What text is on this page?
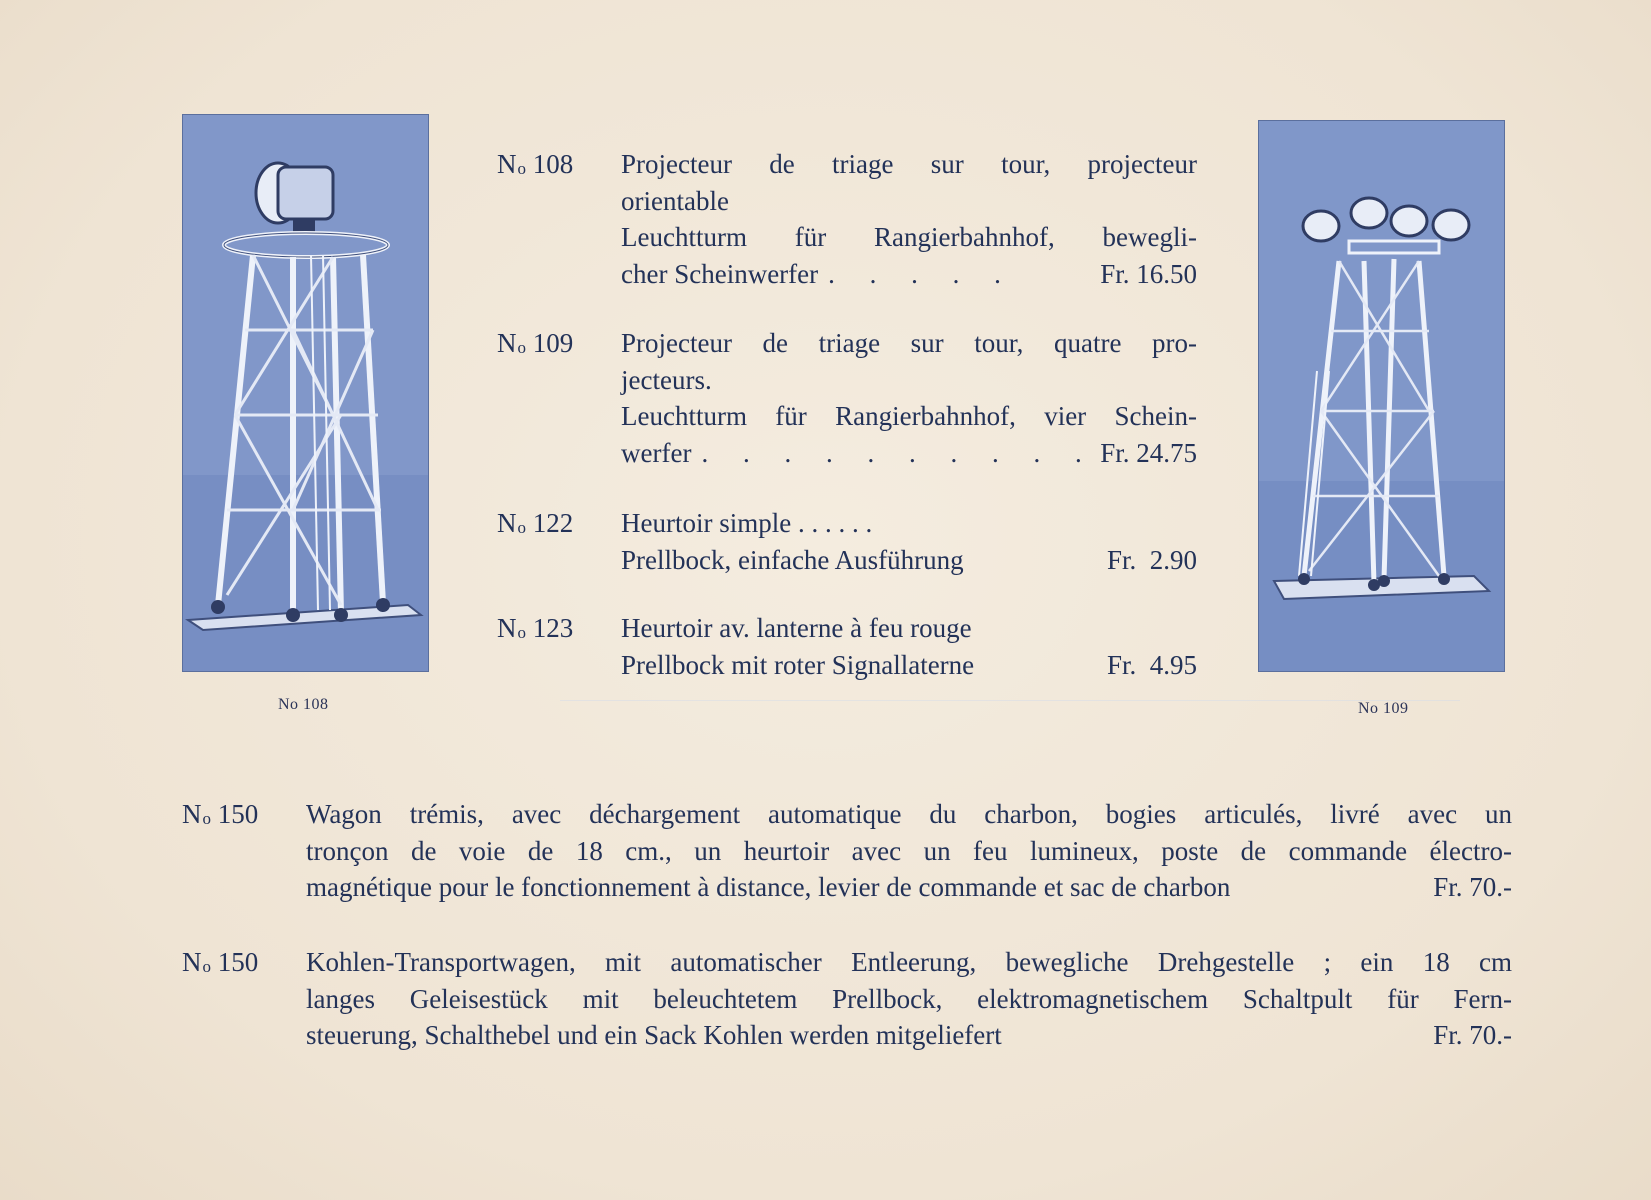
No 108	No 109
No 108 Projecteur de triage sur tour, projecteur
orientable
Leuchtturm für Rangierbahnhof, bewegli-
cher Scheinwerfer . . . . .	Fr. 16.50
No 109 Projecteur de triage sur tour, quatre pro-
jecteurs.
Leuchtturm für Rangierbahnhof, vier Schein-
werfer . . . . . . . . . . Fr. 24.75
No 122 Heurtoir simple . . . . . .
Prellbock, einfache Ausführung	Fr.  2.90
No 123 Heurtoir av. lanterne à feu rouge
Prellbock mit roter Signallaterne	Fr.  4.95
No 150 Wagon trémis, avec déchargement automatique du charbon, bogies articulés, livré avec un
tronçon de voie de 18 cm., un heurtoir avec un feu lumineux, poste de commande électro-
magnétique pour le fonctionnement à distance, levier de commande et sac de charbon	Fr. 70.-
No 150 Kohlen-Transportwagen, mit automatischer Entleerung, bewegliche Drehgestelle ; ein 18 cm
langes Geleisestück mit beleuchtetem Prellbock, elektromagnetischem Schaltpult für Fern-
steuerung, Schalthebel und ein Sack Kohlen werden mitgeliefert	Fr. 70.-
